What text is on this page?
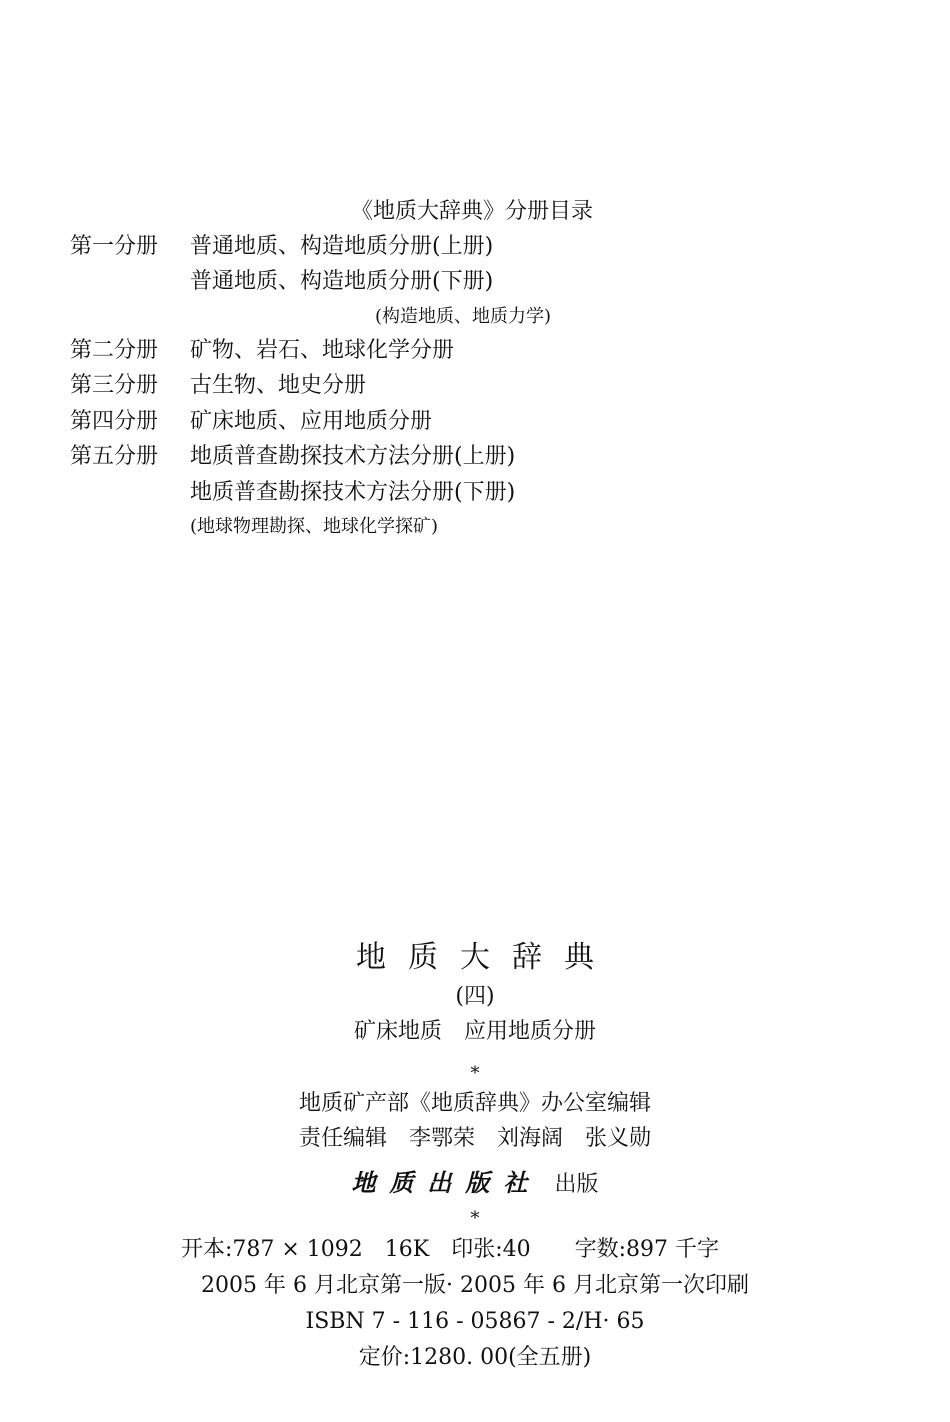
《地质大辞典》分册目录
第一分册 普通地质、构造地质分册(上册)
普通地质、构造地质分册(下册)
(构造地质、地质力学)
第二分册 矿物、岩石、地球化学分册
第三分册 古生物、地史分册
第四分册 矿床地质、应用地质分册
第五分册 地质普查勘探技术方法分册(上册)
地质普查勘探技术方法分册(下册)
(地球物理勘探、地球化学探矿)
地质大辞典
(四)
矿床地质　应用地质分册
*
地质矿产部《地质辞典》办公室编辑
责任编辑　李鄂荣　刘海阔　张义勋
地质出版社 出版
*
开本:787 × 1092　16K　印张:40　　字数:897 千字
2005 年 6 月北京第一版· 2005 年 6 月北京第一次印刷
ISBN 7 - 116 - 05867 - 2/H· 65
定价:1280. 00(全五册)
